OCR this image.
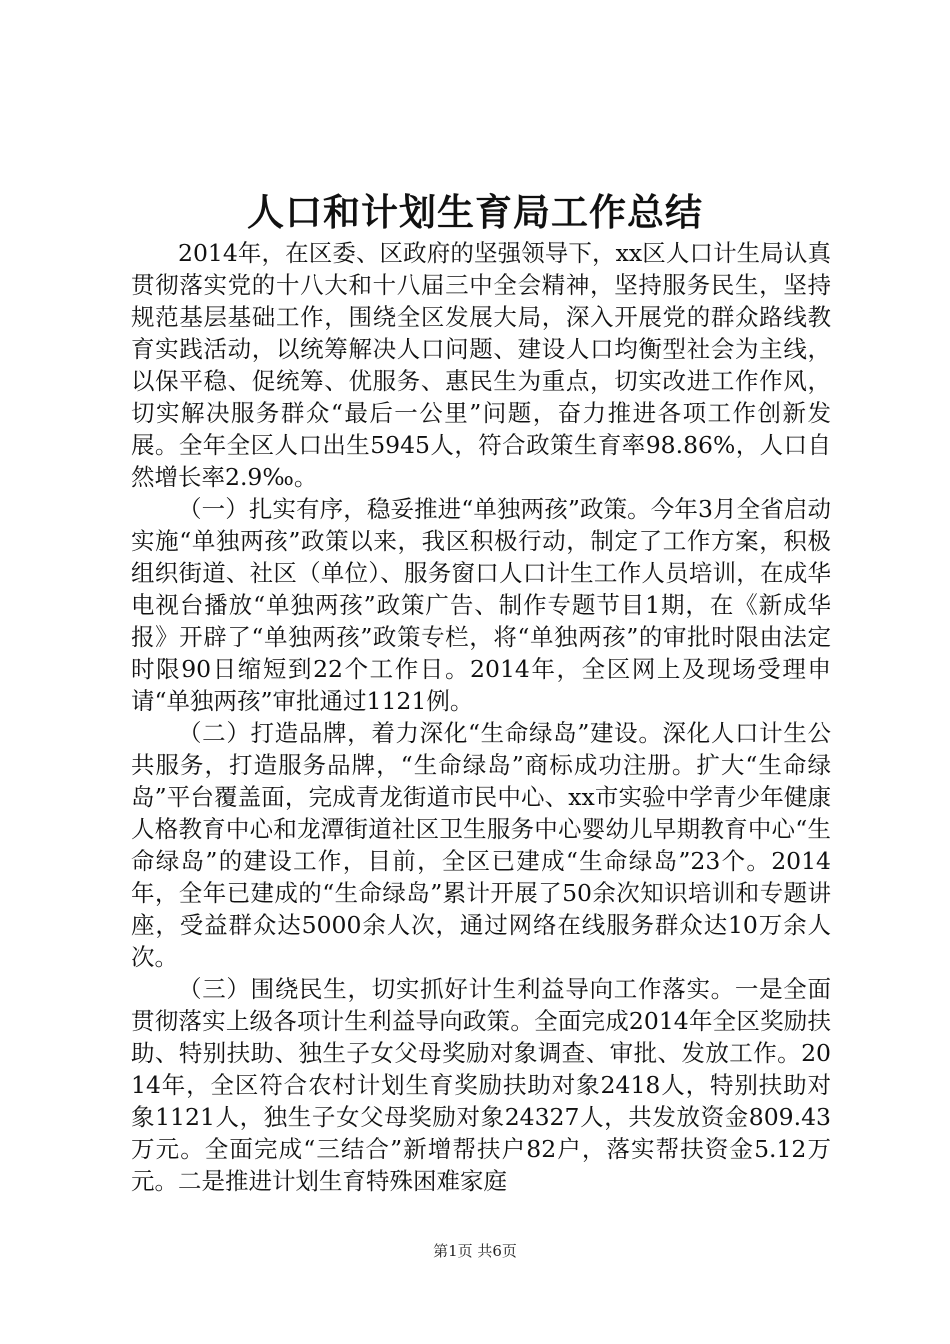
人口和计划生育局工作总结

2014年，在区委、区政府的坚强领导下，xx区人口计生局认真贯彻落实党的十八大和十八届三中全会精神，坚持服务民生，坚持规范基层基础工作，围绕全区发展大局，深入开展党的群众路线教育实践活动，以统筹解决人口问题、建设人口均衡型社会为主线，以保平稳、促统筹、优服务、惠民生为重点，切实改进工作作风，切实解决服务群众“最后一公里”问题，奋力推进各项工作创新发展。全年全区人口出生5945人，符合政策生育率98.86%，人口自然增长率2.9‰。

（一）扎实有序，稳妥推进“单独两孩”政策。今年3月全省启动实施“单独两孩”政策以来，我区积极行动，制定了工作方案，积极组织街道、社区（单位）、服务窗口人口计生工作人员培训，在成华电视台播放“单独两孩”政策广告、制作专题节目1期，在《新成华报》开辟了“单独两孩”政策专栏，将“单独两孩”的审批时限由法定时限90日缩短到22个工作日。2014年，全区网上及现场受理申请“单独两孩”审批通过1121例。

（二）打造品牌，着力深化“生命绿岛”建设。深化人口计生公共服务，打造服务品牌，“生命绿岛”商标成功注册。扩大“生命绿岛”平台覆盖面，完成青龙街道市民中心、xx市实验中学青少年健康人格教育中心和龙潭街道社区卫生服务中心婴幼儿早期教育中心“生命绿岛”的建设工作，目前，全区已建成“生命绿岛”23个。2014年，全年已建成的“生命绿岛”累计开展了50余次知识培训和专题讲座，受益群众达5000余人次，通过网络在线服务群众达10万余人次。

（三）围绕民生，切实抓好计生利益导向工作落实。一是全面贯彻落实上级各项计生利益导向政策。全面完成2014年全区奖励扶助、特别扶助、独生子女父母奖励对象调查、审批、发放工作。2014年，全区符合农村计划生育奖励扶助对象2418人，特别扶助对象1121人，独生子女父母奖励对象24327人，共发放资金809.43万元。全面完成“三结合”新增帮扶户82户，落实帮扶资金5.12万元。二是推进计划生育特殊困难家庭

第1页 共6页
